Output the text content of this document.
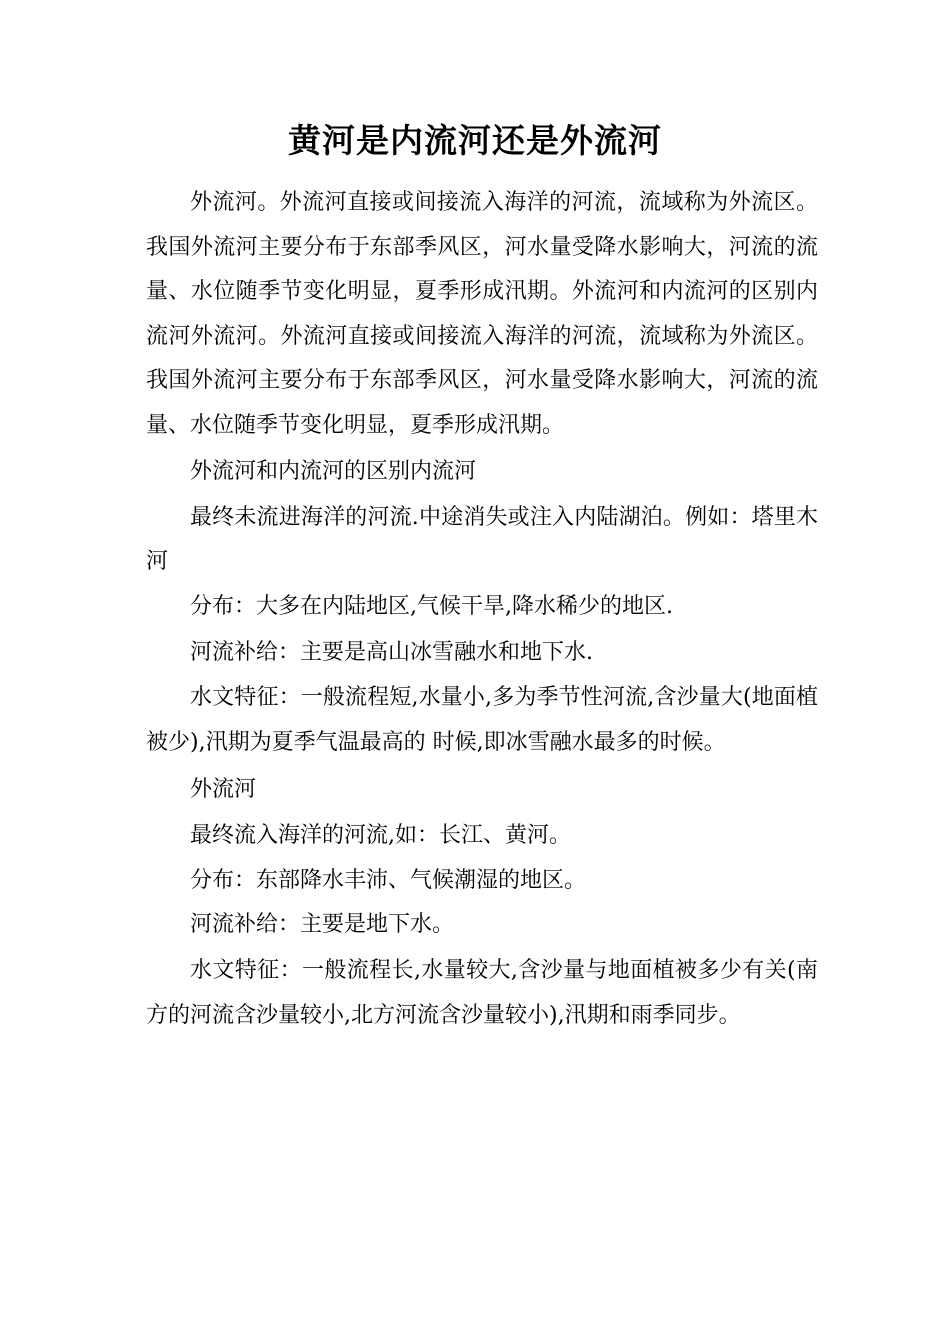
黄河是内流河还是外流河

外流河。外流河直接或间接流入海洋的河流，流域称为外流区。我国外流河主要分布于东部季风区，河水量受降水影响大，河流的流量、水位随季节变化明显，夏季形成汛期。外流河和内流河的区别内流河外流河。外流河直接或间接流入海洋的河流，流域称为外流区。我国外流河主要分布于东部季风区，河水量受降水影响大，河流的流量、水位随季节变化明显，夏季形成汛期。

外流河和内流河的区别内流河

最终未流进海洋的河流.中途消失或注入内陆湖泊。例如：塔里木河

分布：大多在内陆地区,气候干旱,降水稀少的地区.

河流补给：主要是高山冰雪融水和地下水.

水文特征：一般流程短,水量小,多为季节性河流,含沙量大(地面植被少),汛期为夏季气温最高的 时候,即冰雪融水最多的时候。

外流河

最终流入海洋的河流,如：长江、黄河。

分布：东部降水丰沛、气候潮湿的地区。

河流补给：主要是地下水。

水文特征：一般流程长,水量较大,含沙量与地面植被多少有关(南方的河流含沙量较小,北方河流含沙量较小),汛期和雨季同步。
